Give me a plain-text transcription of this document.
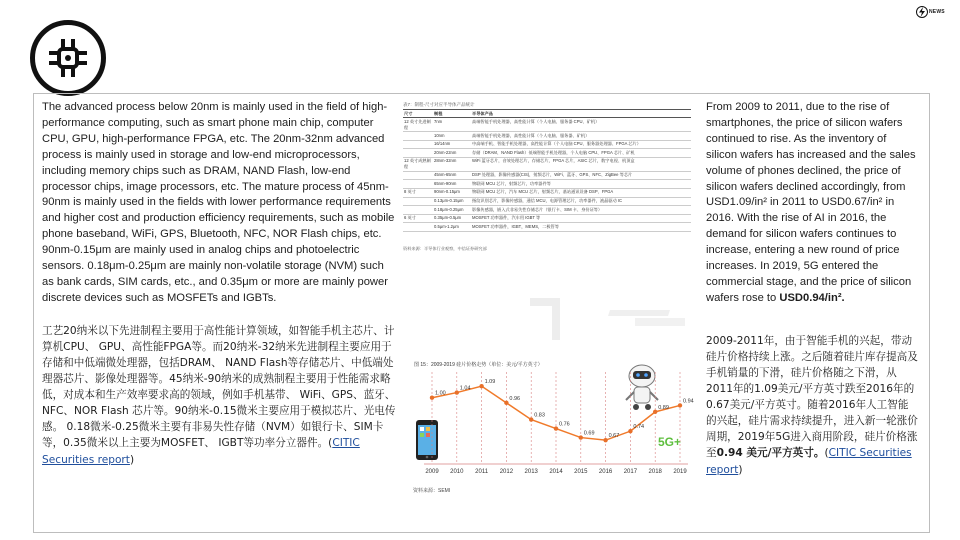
NEWS

The advanced process below 20nm is mainly used in the field of high-performance computing, such as smart phone main chip, computer CPU, GPU, high-performance FPGA, etc. The 20nm-32nm advanced process is mainly used in storage and low-end microprocessors, including memory chips such as DRAM, NAND Flash, low-end processor chips, image processors, etc. The mature process of 45nm-90nm is mainly used in the fields with lower performance requirements and higher cost and production efficiency requirements, such as mobile phone baseband, WiFi, GPS, Bluetooth, NFC, NOR Flash chips, etc. 90nm-0.15μm are mainly used in analog chips and photoelectric sensors. 0.18μm-0.25μm are mainly non-volatile storage (NVM) such as bank cards, SIM cards, etc., and 0.35μm or more are mainly power discrete devices such as MOSFETs and IGBTs.

工艺20纳米以下先进制程主要用于高性能计算领域，如智能手机主芯片、计算机CPU、 GPU、高性能FPGA等。而20纳米-32纳米先进制程主要应用于存储和中低端微处理器，包括DRAM、 NAND Flash等存储芯片、中低端处理器芯片、影像处理器等。45纳米-90纳米的成熟制程主要用于性能需求略低，对成本和生产效率要求高的领域，例如手机基带、 WiFi、GPS、蓝牙、 NFC、NOR Flash 芯片等。90纳米-0.15微米主要应用于模拟芯片、光电传感。 0.18微米-0.25微米主要有非易失性存储（NVM）如银行卡、SIM卡等，0.35微米以上主要为MOSFET、 IGBT等功率分立器件。(CITIC Securities report)

表7：制程-尺寸对应半导体产品统计
尺寸	制程	半导体产品
12 英寸先进制程	7nm	高端智能手机处理器，高性能计算（个人电脑、服务器 CPU、矿机）
	10nm	高端智能手机处理器，高性能计算（个人电脑、服务器、矿机）
	16/14nm	中高端手机、智能手机处理器，高性能计算（个人电脑 CPU、服务器处理器、FPGA 芯片）
	20nm-22nm	存储（DRAM、NAND Flash）低端智能手机处理器，个人电脑 CPU、FPGA 芯片、矿机
12 英寸成熟制程	28nm-32nm	WiFi 蓝牙芯片，音效处理芯片，存储芯片，FPGA 芯片，ASIC 芯片，数字电视、机顶盒
	45nm-65nm	DSP 处理器，影像传感器(CIS)，射频芯片，WiFi、蓝牙、GPS、NFC、ZigBee 等芯片
	65nm-90nm	物联网 MCU 芯片，射频芯片，功率器件等
8 英寸	90nm-0.15μm	物联网 MCU 芯片，汽车 MCU 芯片，射频芯片，基站通讯设备 DSP、FPGA
	0.13μm-0.15μm	指纹识别芯片，影像传感器，通信 MCU，电源管理芯片，功率器件，液晶驱动 IC
	0.18μm-0.25μm	影像传感器，嵌入式非易失性存储芯片（银行卡、SIM 卡、身份证等）
6 英寸	0.35μm-0.5μm	MOSFET 功率器件，汽车用 IGBT 等
	0.5μm-1.2μm	MOSFET 功率器件，IGBT，MEMS，二极管等
资料来源：半导体行业观察，中信证券研究部
图 15：2009-2019 硅片价格走势（单位：美元/平方英寸）
5G+
2009 2010 2011 2012 2013 2014 2015 2016 2017 2018 2019
1.00
1.04
1.09
0.96
0.83
0.76
0.69	0.67
0.74
0.89
0.94
资料来源：SEMI

From 2009 to 2011, due to the rise of smartphones, the price of silicon wafers continued to rise. As the inventory of silicon wafers has increased and the sales volume of phones declined, the price of silicon wafers declined accordingly, from USD1.09/in² in 2011 to USD0.67/in² in 2016. With the rise of AI in 2016, the demand for silicon wafers continues to increase, entering a new round of price increases. In 2019, 5G entered the commercial stage, and the price of silicon wafers rose to USD0.94/in².

2009-2011年，由于智能手机的兴起，带动硅片价格持续上涨。之后随着硅片库存提高及手机销量的下滑，硅片价格随之下滑，从2011年的1.09美元/平方英寸跌至2016年的0.67美元/平方英寸。随着2016年人工智能的兴起，硅片需求持续提升，进入新一轮涨价周期，2019年5G进入商用阶段，硅片价格涨至0.94 美元/平方英寸。(CITIC Securities report)
